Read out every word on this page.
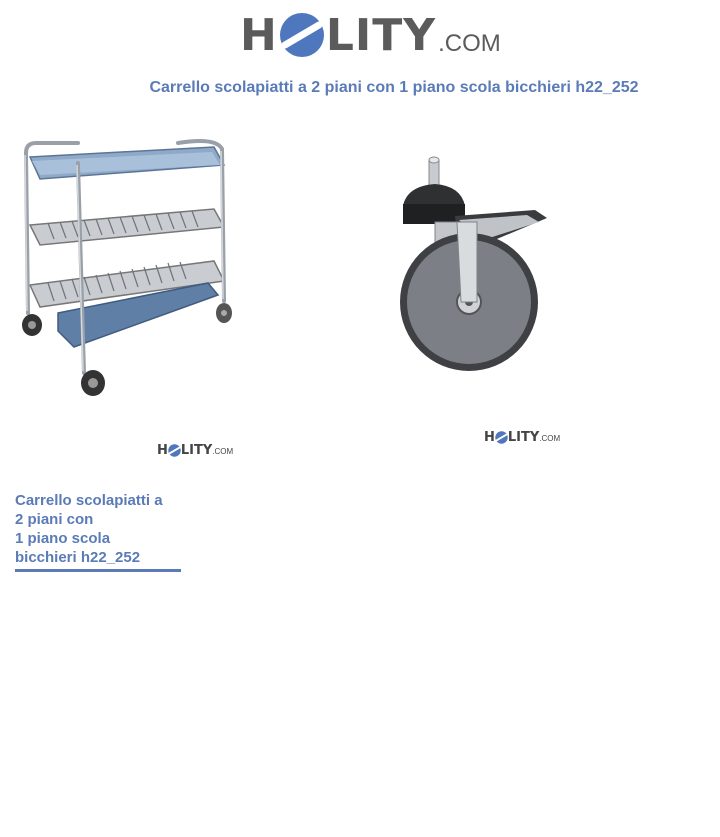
H LITY .COM
Carrello scolapiatti a 2 piani con 1 piano scola bicchieri h22_252
H LITY .COM
H LITY .COM
Carrello scolapiatti a
2 piani con
1 piano scola
bicchieri h22_252
